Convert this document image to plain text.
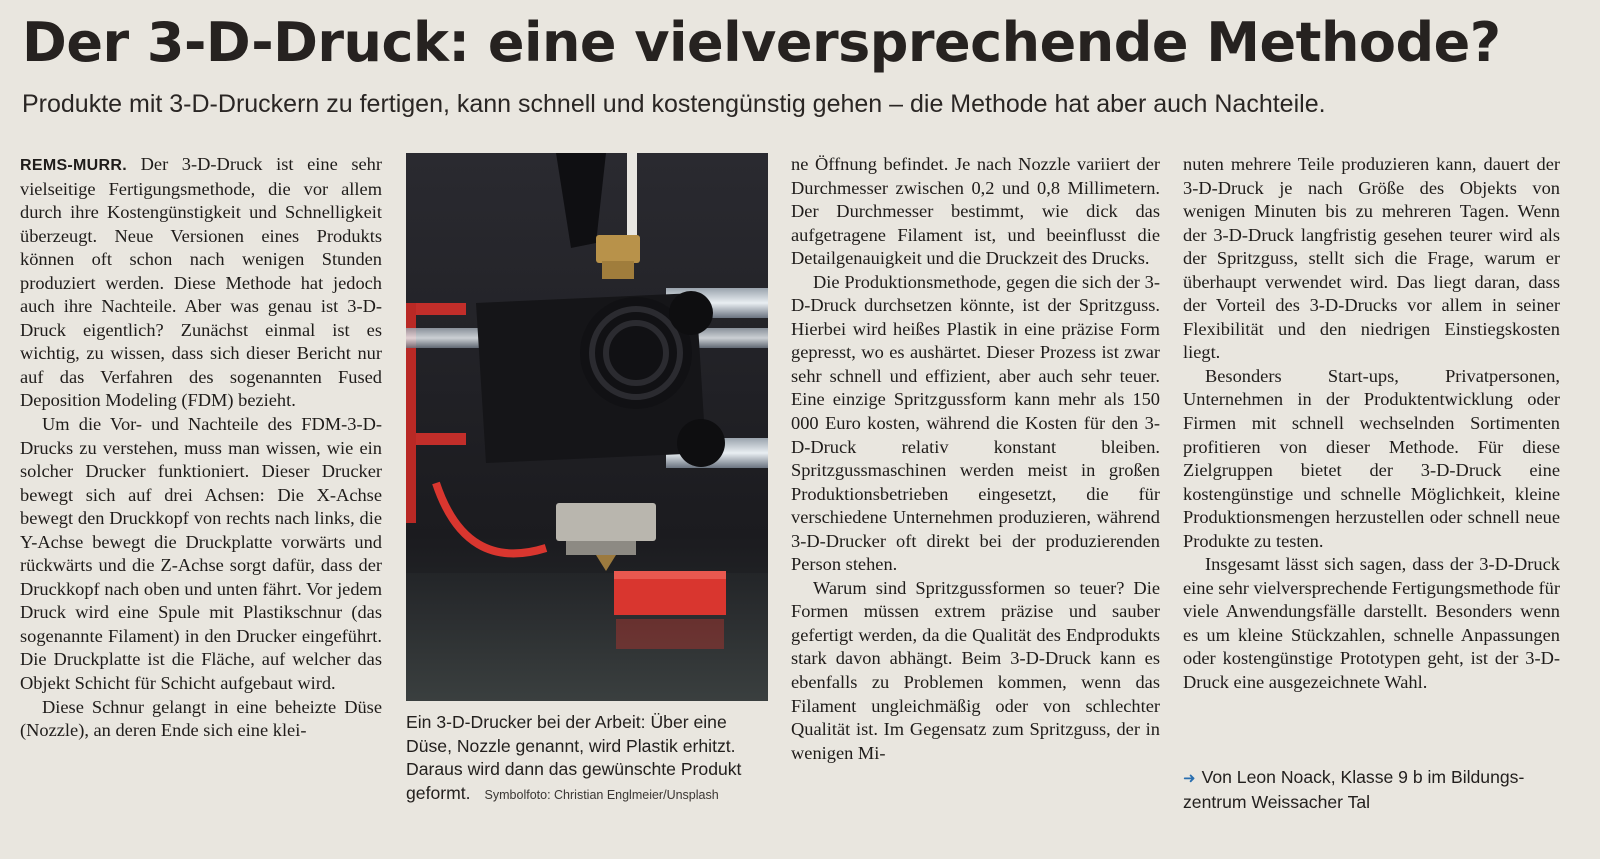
Der 3-D-Druck: eine vielversprechende Methode?
Produkte mit 3-D-Druckern zu fertigen, kann schnell und kostengünstig gehen – die Methode hat aber auch Nachteile.

REMS-MURR. Der 3-D-Druck ist eine sehr vielseitige Fertigungsmethode, die vor allem durch ihre Kostengünstigkeit und Schnelligkeit überzeugt. Neue Versionen eines Produkts können oft schon nach wenigen Stunden produziert werden. Diese Methode hat jedoch auch ihre Nachteile. Aber was genau ist 3-D-Druck eigentlich? Zunächst einmal ist es wichtig, zu wissen, dass sich dieser Bericht nur auf das Verfahren des sogenannten Fused Deposition Modeling (FDM) bezieht.

Um die Vor- und Nachteile des FDM-3-D-Drucks zu verstehen, muss man wissen, wie ein solcher Drucker funktioniert. Dieser Drucker bewegt sich auf drei Achsen: Die X-Achse bewegt den Druckkopf von rechts nach links, die Y-Achse bewegt die Druckplatte vorwärts und rückwärts und die Z-Achse sorgt dafür, dass der Druckkopf nach oben und unten fährt. Vor jedem Druck wird eine Spule mit Plastikschnur (das sogenannte Filament) in den Drucker eingeführt. Die Druckplatte ist die Fläche, auf welcher das Objekt Schicht für Schicht aufgebaut wird.

Diese Schnur gelangt in eine beheizte Düse (Nozzle), an deren Ende sich eine klei-	Ein 3-D-Drucker bei der Arbeit: Über eine Düse, Nozzle genannt, wird Plastik erhitzt. Daraus wird dann das gewünschte Produkt geformt. Symbolfoto: Christian Englmeier/Unsplash

ne Öffnung befindet. Je nach Nozzle variiert der Durchmesser zwischen 0,2 und 0,8 Millimetern. Der Durchmesser bestimmt, wie dick das aufgetragene Filament ist, und beeinflusst die Detailgenauigkeit und die Druckzeit des Drucks.

Die Produktionsmethode, gegen die sich der 3-D-Druck durchsetzen könnte, ist der Spritzguss. Hierbei wird heißes Plastik in eine präzise Form gepresst, wo es aushärtet. Dieser Prozess ist zwar sehr schnell und effizient, aber auch sehr teuer. Eine einzige Spritzgussform kann mehr als 150 000 Euro kosten, während die Kosten für den 3-D-Druck relativ konstant bleiben. Spritzgussmaschinen werden meist in großen Produktionsbetrieben eingesetzt, die für verschiedene Unternehmen produzieren, während 3-D-Drucker oft direkt bei der produzierenden Person stehen.

Warum sind Spritzgussformen so teuer? Die Formen müssen extrem präzise und sauber gefertigt werden, da die Qualität des Endprodukts stark davon abhängt. Beim 3-D-Druck kann es ebenfalls zu Problemen kommen, wenn das Filament ungleichmäßig oder von schlechter Qualität ist. Im Gegensatz zum Spritzguss, der in wenigen Mi-

nuten mehrere Teile produzieren kann, dauert der 3-D-Druck je nach Größe des Objekts von wenigen Minuten bis zu mehreren Tagen. Wenn der 3-D-Druck langfristig gesehen teurer wird als der Spritzguss, stellt sich die Frage, warum er überhaupt verwendet wird. Das liegt daran, dass der Vorteil des 3-D-Drucks vor allem in seiner Flexibilität und den niedrigen Einstiegskosten liegt.

Besonders Start-ups, Privatpersonen, Unternehmen in der Produktentwicklung oder Firmen mit schnell wechselnden Sortimenten profitieren von dieser Methode. Für diese Zielgruppen bietet der 3-D-Druck eine kostengünstige und schnelle Möglichkeit, kleine Produktionsmengen herzustellen oder schnell neue Produkte zu testen.

Insgesamt lässt sich sagen, dass der 3-D-Druck eine sehr vielversprechende Fertigungsmethode für viele Anwendungsfälle darstellt. Besonders wenn es um kleine Stückzahlen, schnelle Anpassungen oder kostengünstige Prototypen geht, ist der 3-D-Druck eine ausgezeichnete Wahl.

➜ Von Leon Noack, Klasse 9 b im Bildungs-
zentrum Weissacher Tal
